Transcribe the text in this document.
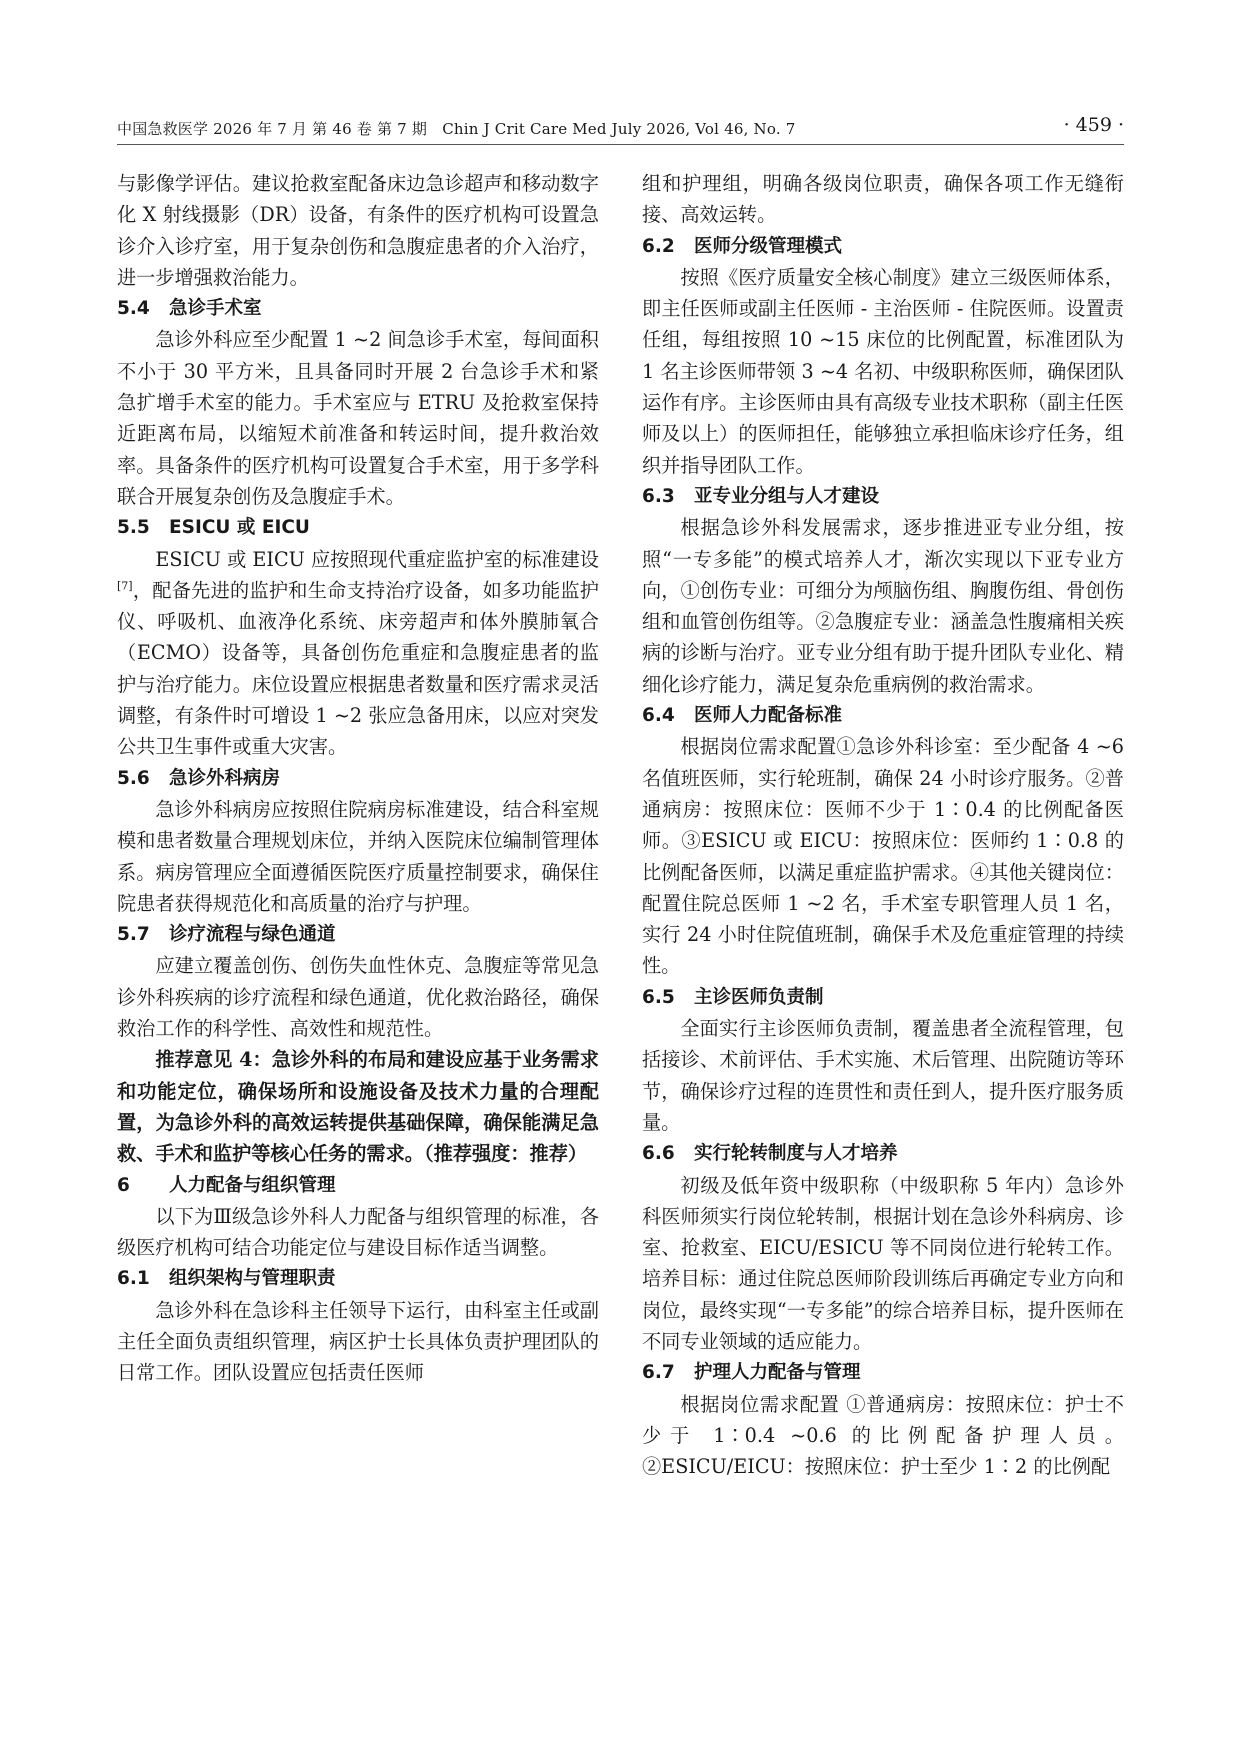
中国急救医学 2026 年 7 月 第 46 卷 第 7 期　Chin J Crit Care Med July 2026, Vol 46, No. 7	· 459 ·

与影像学评估。建议抢救室配备床边急诊超声和移动数字化 X 射线摄影（DR）设备，有条件的医疗机构可设置急诊介入诊疗室，用于复杂创伤和急腹症患者的介入治疗，进一步增强救治能力。

5.4 急诊手术室

急诊外科应至少配置 1 ~2 间急诊手术室，每间面积不小于 30 平方米，且具备同时开展 2 台急诊手术和紧急扩增手术室的能力。手术室应与 ETRU 及抢救室保持近距离布局，以缩短术前准备和转运时间，提升救治效率。具备条件的医疗机构可设置复合手术室，用于多学科联合开展复杂创伤及急腹症手术。

5.5 ESICU 或 EICU

ESICU 或 EICU 应按照现代重症监护室的标准建设[7]，配备先进的监护和生命支持治疗设备，如多功能监护仪、呼吸机、血液净化系统、床旁超声和体外膜肺氧合（ECMO）设备等，具备创伤危重症和急腹症患者的监护与治疗能力。床位设置应根据患者数量和医疗需求灵活调整，有条件时可增设 1 ~2 张应急备用床，以应对突发公共卫生事件或重大灾害。

5.6 急诊外科病房

急诊外科病房应按照住院病房标准建设，结合科室规模和患者数量合理规划床位，并纳入医院床位编制管理体系。病房管理应全面遵循医院医疗质量控制要求，确保住院患者获得规范化和高质量的治疗与护理。

5.7 诊疗流程与绿色通道

应建立覆盖创伤、创伤失血性休克、急腹症等常见急诊外科疾病的诊疗流程和绿色通道，优化救治路径，确保救治工作的科学性、高效性和规范性。

推荐意见 4：急诊外科的布局和建设应基于业务需求和功能定位，确保场所和设施设备及技术力量的合理配置，为急诊外科的高效运转提供基础保障，确保能满足急救、手术和监护等核心任务的需求。（推荐强度：推荐）

6 人力配备与组织管理

以下为Ⅲ级急诊外科人力配备与组织管理的标准，各级医疗机构可结合功能定位与建设目标作适当调整。

6.1 组织架构与管理职责

急诊外科在急诊科主任领导下运行，由科室主任或副主任全面负责组织管理，病区护士长具体负责护理团队的日常工作。团队设置应包括责任医师

组和护理组，明确各级岗位职责，确保各项工作无缝衔接、高效运转。

6.2 医师分级管理模式

按照《医疗质量安全核心制度》建立三级医师体系，即主任医师或副主任医师 - 主治医师 - 住院医师。设置责任组，每组按照 10 ~15 床位的比例配置，标准团队为 1 名主诊医师带领 3 ~4 名初、中级职称医师，确保团队运作有序。主诊医师由具有高级专业技术职称（副主任医师及以上）的医师担任，能够独立承担临床诊疗任务，组织并指导团队工作。

6.3 亚专业分组与人才建设

根据急诊外科发展需求，逐步推进亚专业分组，按照“一专多能”的模式培养人才，渐次实现以下亚专业方向，①创伤专业：可细分为颅脑伤组、胸腹伤组、骨创伤组和血管创伤组等。②急腹症专业：涵盖急性腹痛相关疾病的诊断与治疗。亚专业分组有助于提升团队专业化、精细化诊疗能力，满足复杂危重病例的救治需求。

6.4 医师人力配备标准

根据岗位需求配置①急诊外科诊室：至少配备 4 ~6 名值班医师，实行轮班制，确保 24 小时诊疗服务。②普通病房：按照床位：医师不少于 1∶0.4 的比例配备医师。③ESICU 或 EICU：按照床位：医师约 1∶0.8 的比例配备医师，以满足重症监护需求。④其他关键岗位：配置住院总医师 1 ~2 名，手术室专职管理人员 1 名，实行 24 小时住院值班制，确保手术及危重症管理的持续性。

6.5 主诊医师负责制

全面实行主诊医师负责制，覆盖患者全流程管理，包括接诊、术前评估、手术实施、术后管理、出院随访等环节，确保诊疗过程的连贯性和责任到人，提升医疗服务质量。

6.6 实行轮转制度与人才培养

初级及低年资中级职称（中级职称 5 年内）急诊外科医师须实行岗位轮转制，根据计划在急诊外科病房、诊室、抢救室、EICU/ESICU 等不同岗位进行轮转工作。培养目标：通过住院总医师阶段训练后再确定专业方向和岗位，最终实现“一专多能”的综合培养目标，提升医师在不同专业领域的适应能力。

6.7 护理人力配备与管理

根据岗位需求配置 ①普通病房：按照床位：护士不少于 1∶0.4 ~0.6 的比例配备护理人员。②ESICU/EICU：按照床位：护士至少 1∶2 的比例配
